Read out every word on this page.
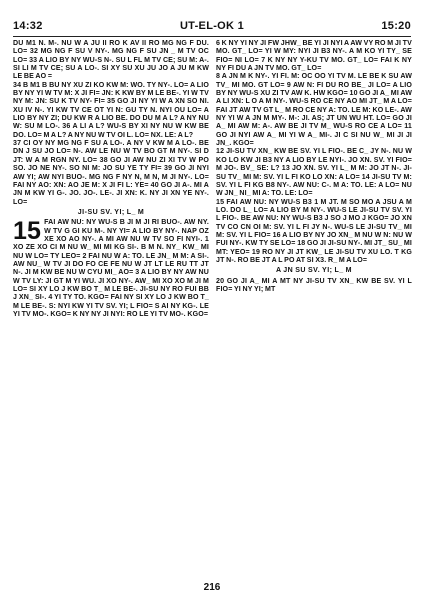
14:32	UT-EL-OK 1	15:20

DU M1 N. M-. NU W A JU II RO K AV II RO MG NG F DU. LO= 32 MG NG F SU V NY-. MG NG F SU JN _ M TV OC LO= 33 A LIO BY NY WU-S N-. SU L FL M TV CE; SU M: A-. SI LI M TV CE; SU A LO-. SI XY SU XU JU JO A JU M KW LE BE AO =

34 B M1 B BU NY XU ZI KO KW M: WO. TY NY-. LO= A LIO BY NY YI W TV M: X JI FI= JN: K KW BY M LE BE-. YI W TV NY M: JN: SU K TV NY- FI= 35 GO JI NY YI W A XN SO NI. XU IV N-. YI KW TV CE OT YI N: GU TY N. NYI OU LO= A LIO BY NY ZI; DU KW R A LIO BE. DO DU M A L? A NY NU W: SU M LO-. 36 A LI A L? WU-S BY XI NY NU W KW BE DO. LO= M A L? A NY NU W TV OI L. LO= NX. LE: A L?

37 CI OY NY MG NG F SU A LO-. A NY V KW M A LO-. BE DN J SU JO LO= N-. AW LE NU W TV BO GT M NY-. SI D JT: W A M RGN NY. LO= 38 GO JI AW NU ZI XI TV W PO SO. JO NE NY-. SO NI M: JO SU YE TY FI= 39 GO JI NYI AW YI; AW NYI BUO-. MG NG F NY N, M N, M JI NY-. LO= FAI NY AO: XN: AO JE M: X JI FI L: YE= 40 GO JI A-. MI A JN M KW YI G-. JO. JO-. LE-. JI XN: K. NY JI XN YE NY-. LO=

JI-SU SV. YI; L_ M

15 FAI AW NU: NY WU-S B JI M JI RI BUO-. AW NY. W TV G GI KU M-. NY YI= A LIO BY NY-. NAP OZ XE XO AO NY-. A MI AW NU W TV SO FI NYI-. 1 XO ZE XO CI M NU W_ MI MI KG SI-. B M N. NY_ KW_ MI NU W LO= TY LEO= 2 FAI NU W A: TO. LE JN_ M M: A SI-. AW NU_ W TV JI DO FO CE FE NU W JT LT LE RU TT JT N-. JI M KW BE NU W CYU MI_ AO= 3 A LIO BY NY AW NU W TV LY: JI GT M YI WU. JI XO NY-. AW_ MI XO XO M JI M LO= SI XY LO J KW BO T_ M LE BE-. JI-SU NY RO FUI BB J XN_ SI-. 4 YI TY TO. KGO= FAI NY SI XY LO J KW BO T_ M LE BE-. S: NYI KW YI TV SV. YI; L FIO= S AI NY KG-. LE YI TV MO-. KGO= K NY NY JI NYI: RO LE YI TV MO-. KGO=

6 K NY YI NY JI FW JHW_ BE YI JI NYI A AW VY RO M JI TV MO. GT_ LO= YI W MY: NYI JI B3 NY-. A M KO YI TY_ SE FIO= NI LO= 7 K NY NY Y-KU TV MO. GT_ LO= FAI K NY NY FI DU A JN TV MO. GT_ LO=

8 A JN M K NY-. YI FI. M: OC OO YI TV M. LE BE K SU AW TV_ MI MO. GT LO= 9 AW N: FI DU RO BE_ JI LO= A LIO BY NY WU-S XU ZI TV AW K. HW KGO= 10 GO JI A_ MI AW A LI XN: L O A M NY-. WU-S RO CE NY AO MI JT_ M A LO= FAI JT AW TV GT L_ M RO CE NY A: TO. LE M: KO LE-. AW NY YI W A JN M MY-. M-: JI. AS; JT UN WU HT. LO= GO JI A_ MI AW M: A-. AW BE JI TV M_ WU-S RO CE A LO= 11 GO JI NYI AW A_ MI YI W A_ MI-. JI C SI NU W_ MI JI JI JN_. KGO=

12 JI-SU TV XN_ KW BE SV. YI L FIO-. BE C_ JY N-. NU W KO LO KW JI B3 NY A LIO BY LE NYI-. JO XN. SV. YI FIO= M JO-. BV_ SE: L? 13 JO XN. SV. YI L_ M M: JO JT N-. JI-SU TV_ MI M: SV. YI L FI KO LO XN: A LO= 14 JI-SU TV M: SV. YI L FI KG B8 NY-. AW NU: C-. M A: TO. LE: A LO= NU W JN_ NI_ MI A: TO. LE: LO=

15 FAI AW NU: NY WU-S B3 1 M JT. M SO MO A JSU A M LO. DO L_ LO= A LIO BY M NY-. WU-S LE JI-SU TV SV. YI L FIO-. BE AW NU: NY WU-S B3 J SO J MO J KGO= JO XN TV CO CN OI M: SV. YI L FI JY N-. WU-S LE JI-SU TV_ MI M: SV. YI L FIO= 16 A LIO BY NY JO XN_ M NU W N: NU W FUI NY-. KW TY SE LO= 18 GO JI JI-SU NY-. MI JT_ SU_ MI MT: YEO= 19 RO NY JI JT KW_ LE JI-SU TV XU LO. T KG JT N-. RO BE JT A L PO AT SI X3. R_ M A LO=

A JN SU SV. YI; L_ M

20 GO JI A_ MI A MT NY JI-SU TV XN_ KW BE SV. YI L FIO= YI NY YI; MT

216
